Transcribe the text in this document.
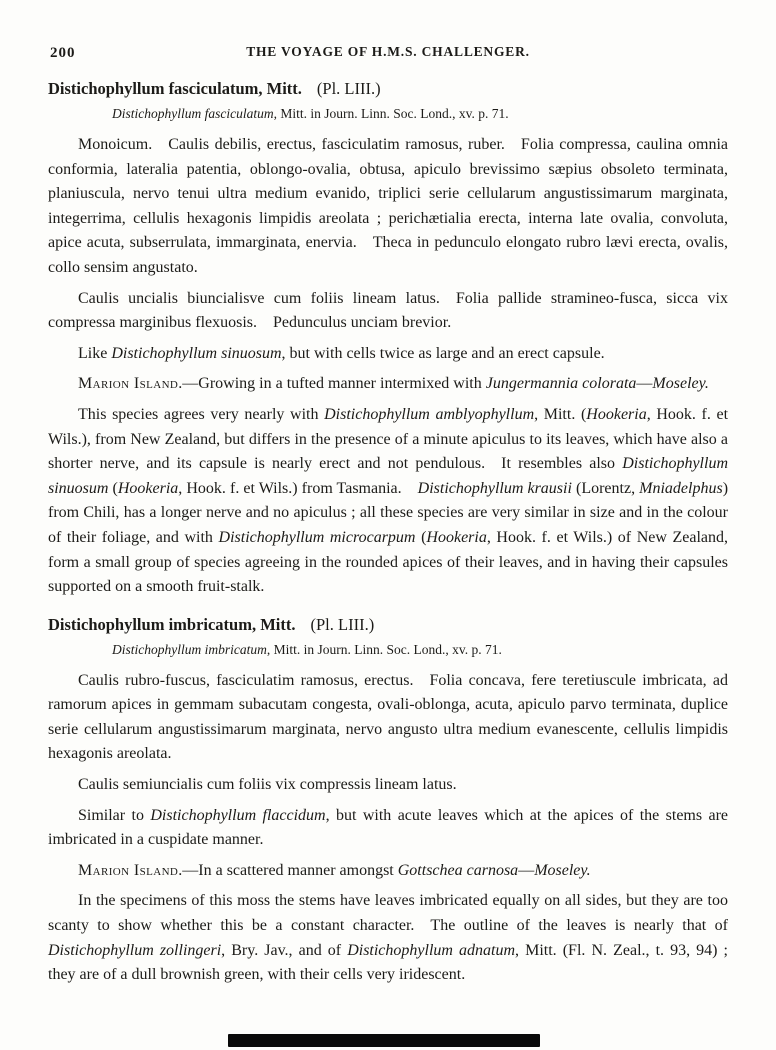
200	THE VOYAGE OF H.M.S. CHALLENGER.
Distichophyllum fasciculatum, Mitt. (Pl. LIII.)

Distichophyllum fasciculatum, Mitt. in Journ. Linn. Soc. Lond., xv. p. 71.

Monoicum. Caulis debilis, erectus, fasciculatim ramosus, ruber. Folia compressa, caulina omnia conformia, lateralia patentia, oblongo-ovalia, obtusa, apiculo brevissimo sæpius obsoleto terminata, planiuscula, nervo tenui ultra medium evanido, triplici serie cellularum angustissimarum marginata, integerrima, cellulis hexagonis limpidis areolata ; perichætialia erecta, interna late ovalia, convoluta, apice acuta, subserrulata, immarginata, enervia. Theca in pedunculo elongato rubro lævi erecta, ovalis, collo sensim angustato.

Caulis uncialis biuncialisve cum foliis lineam latus. Folia pallide stramineo-fusca, sicca vix compressa marginibus flexuosis. Pedunculus unciam brevior.

Like Distichophyllum sinuosum, but with cells twice as large and an erect capsule.

Marion Island.—Growing in a tufted manner intermixed with Jungermannia colorata—Moseley.

This species agrees very nearly with Distichophyllum amblyophyllum, Mitt. (Hookeria, Hook. f. et Wils.), from New Zealand, but differs in the presence of a minute apiculus to its leaves, which have also a shorter nerve, and its capsule is nearly erect and not pendulous. It resembles also Distichophyllum sinuosum (Hookeria, Hook. f. et Wils.) from Tasmania. Distichophyllum krausii (Lorentz, Mniadelphus) from Chili, has a longer nerve and no apiculus ; all these species are very similar in size and in the colour of their foliage, and with Distichophyllum microcarpum (Hookeria, Hook. f. et Wils.) of New Zealand, form a small group of species agreeing in the rounded apices of their leaves, and in having their capsules supported on a smooth fruit-stalk.

Distichophyllum imbricatum, Mitt. (Pl. LIII.)

Distichophyllum imbricatum, Mitt. in Journ. Linn. Soc. Lond., xv. p. 71.

Caulis rubro-fuscus, fasciculatim ramosus, erectus. Folia concava, fere teretiuscule imbricata, ad ramorum apices in gemmam subacutam congesta, ovali-oblonga, acuta, apiculo parvo terminata, duplice serie cellularum angustissimarum marginata, nervo angusto ultra medium evanescente, cellulis limpidis hexagonis areolata.

Caulis semiuncialis cum foliis vix compressis lineam latus.

Similar to Distichophyllum flaccidum, but with acute leaves which at the apices of the stems are imbricated in a cuspidate manner.

Marion Island.—In a scattered manner amongst Gottschea carnosa—Moseley.

In the specimens of this moss the stems have leaves imbricated equally on all sides, but they are too scanty to show whether this be a constant character. The outline of the leaves is nearly that of Distichophyllum zollingeri, Bry. Jav., and of Distichophyllum adnatum, Mitt. (Fl. N. Zeal., t. 93, 94) ; they are of a dull brownish green, with their cells very iridescent.
